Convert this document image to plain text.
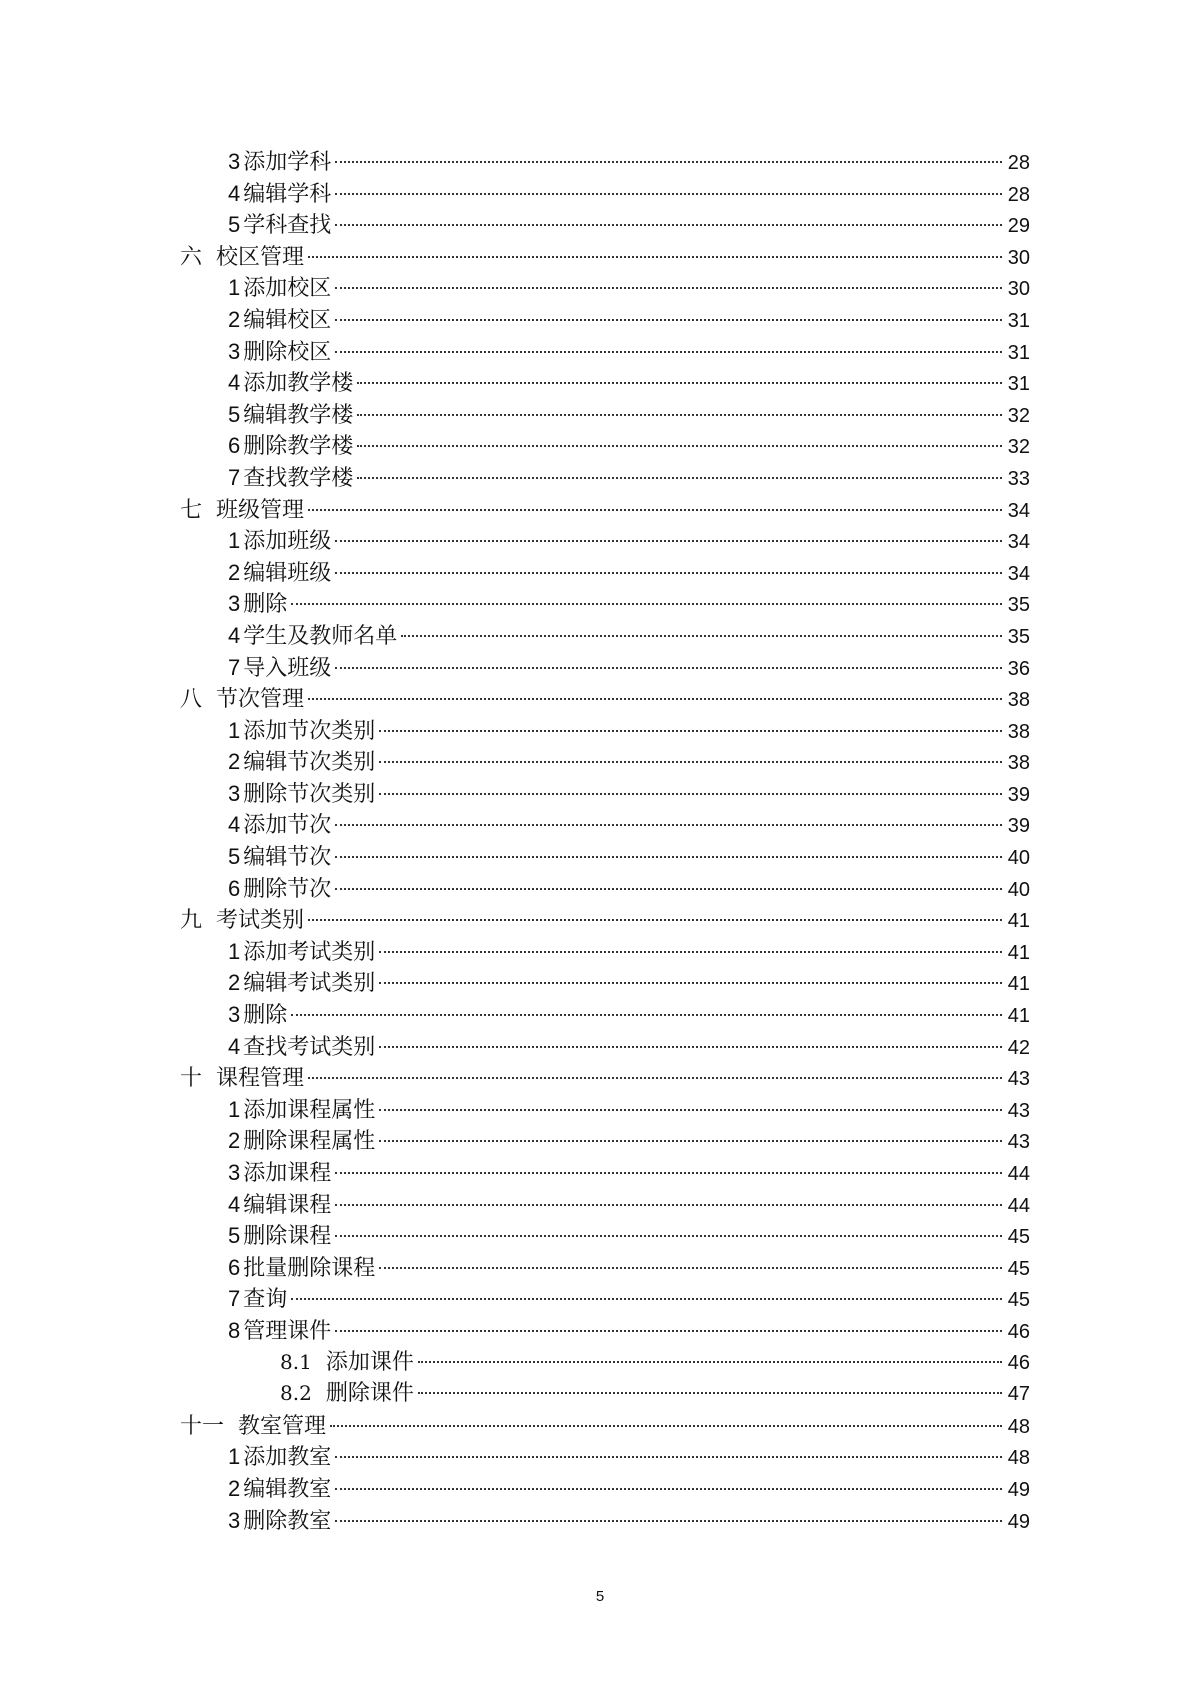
3 添加学科	28
4 编辑学科	28
5 学科查找	29
六 校区管理	30
1 添加校区	30
2 编辑校区	31
3 删除校区	31
4 添加教学楼	31
5 编辑教学楼	32
6 删除教学楼	32
7 查找教学楼	33
七 班级管理	34
1 添加班级	34
2 编辑班级	34
3 删除	35
4 学生及教师名单	35
7 导入班级	36
八 节次管理	38
1 添加节次类别	38
2 编辑节次类别	38
3 删除节次类别	39
4 添加节次	39
5 编辑节次	40
6 删除节次	40
九 考试类别	41
1 添加考试类别	41
2 编辑考试类别	41
3 删除	41
4 查找考试类别	42
十 课程管理	43
1 添加课程属性	43
2 删除课程属性	43
3 添加课程	44
4 编辑课程	44
5 删除课程	45
6 批量删除课程	45
7 查询	45
8 管理课件	46
8.1 添加课件	46
8.2 删除课件	47
十一 教室管理	48
1 添加教室	48
2 编辑教室	49
3 删除教室	49
5
